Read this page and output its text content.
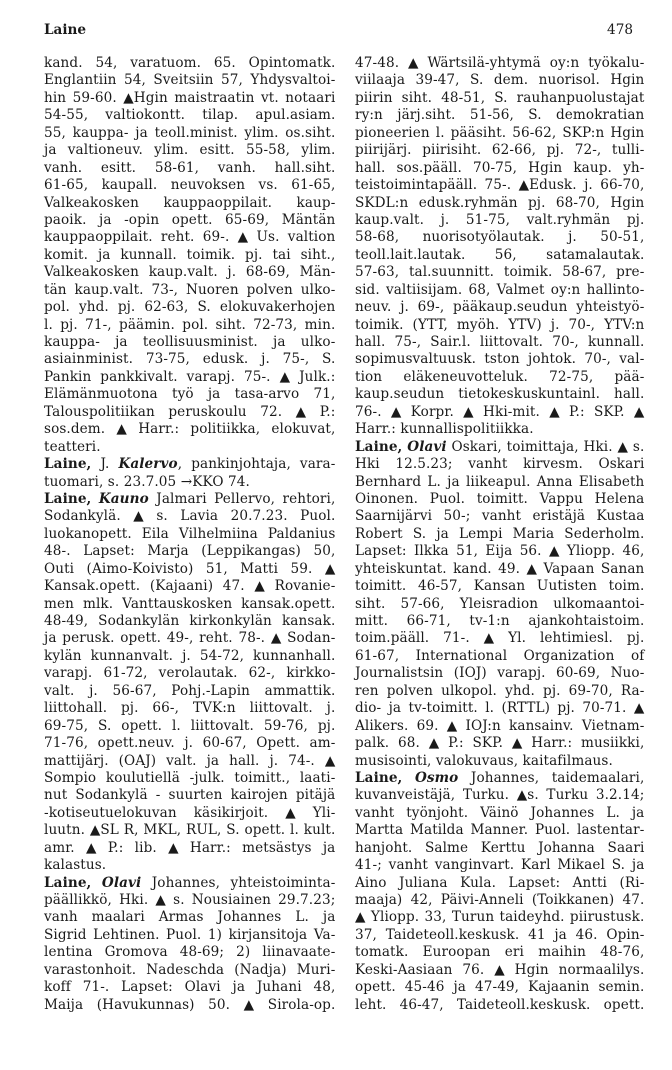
Laine	478
kand. 54, varatuom. 65. Opintomatk.
Englantiin 54, Sveitsiin 57, Yhdysvaltoi-
hin 59-60. ▲Hgin maistraatin vt. notaari
54-55, valtiokontt. tilap. apul.asiam.
55, kauppa- ja teoll.minist. ylim. os.siht.
ja valtioneuv. ylim. esitt. 55-58, ylim.
vanh. esitt. 58-61, vanh. hall.siht.
61-65, kaupall. neuvoksen vs. 61-65,
Valkeakosken kauppaoppilait. kaup-
paoik. ja -opin opett. 65-69, Mäntän
kauppaoppilait. reht. 69-. ▲ Us. valtion
komit. ja kunnall. toimik. pj. tai siht.,
Valkeakosken kaup.valt. j. 68-69, Män-
tän kaup.valt. 73-, Nuoren polven ulko-
pol. yhd. pj. 62-63, S. elokuvakerhojen
l. pj. 71-, päämin. pol. siht. 72-73, min.
kauppa- ja teollisuusminist. ja ulko-
asiainminist. 73-75, edusk. j. 75-, S.
Pankin pankkivalt. varapj. 75-. ▲ Julk.:
Elämänmuotona työ ja tasa-arvo 71,
Talouspolitiikan peruskoulu 72. ▲ P.:
sos.dem. ▲ Harr.: politiikka, elokuvat,
teatteri.
Laine, J. Kalervo, pankinjohtaja, vara-
tuomari, s. 23.7.05 →KKO 74.
Laine, Kauno Jalmari Pellervo, rehtori,
Sodankylä. ▲ s. Lavia 20.7.23. Puol.
luokanopett. Eila Vilhelmiina Paldanius
48-. Lapset: Marja (Leppikangas) 50,
Outi (Aimo-Koivisto) 51, Matti 59. ▲
Kansak.opett. (Kajaani) 47. ▲ Rovanie-
men mlk. Vanttauskosken kansak.opett.
48-49, Sodankylän kirkonkylän kansak.
ja perusk. opett. 49-, reht. 78-. ▲ Sodan-
kylän kunnanvalt. j. 54-72, kunnanhall.
varapj. 61-72, verolautak. 62-, kirkko-
valt. j. 56-67, Pohj.-Lapin ammattik.
liittohall. pj. 66-, TVK:n liittovalt. j.
69-75, S. opett. l. liittovalt. 59-76, pj.
71-76, opett.neuv. j. 60-67, Opett. am-
mattijärj. (OAJ) valt. ja hall. j. 74-. ▲
Sompio koulutiellä -julk. toimitt., laati-
nut Sodankylä - suurten kairojen pitäjä
-kotiseutuelokuvan käsikirjoit. ▲ Yli-
luutn. ▲SL R, MKL, RUL, S. opett. l. kult.
amr. ▲ P.: lib. ▲ Harr.: metsästys ja
kalastus.
Laine, Olavi Johannes, yhteistoiminta-
päällikkö, Hki. ▲ s. Nousiainen 29.7.23;
vanh maalari Armas Johannes L. ja
Sigrid Lehtinen. Puol. 1) kirjansitoja Va-
lentina Gromova 48-69; 2) liinavaate-
varastonhoit. Nadeschda (Nadja) Muri-
koff 71-. Lapset: Olavi ja Juhani 48,
Maija (Havukunnas) 50. ▲ Sirola-op.
47-48. ▲ Wärtsilä-yhtymä oy:n työkalu-
viilaaja 39-47, S. dem. nuorisol. Hgin
piirin siht. 48-51, S. rauhanpuolustajat
ry:n järj.siht. 51-56, S. demokratian
pioneerien l. pääsiht. 56-62, SKP:n Hgin
piirijärj. piirisiht. 62-66, pj. 72-, tulli-
hall. sos.pääll. 70-75, Hgin kaup. yh-
teistoimintapääll. 75-. ▲Edusk. j. 66-70,
SKDL:n edusk.ryhmän pj. 68-70, Hgin
kaup.valt. j. 51-75, valt.ryhmän pj.
58-68, nuorisotyölautak. j. 50-51,
teoll.lait.lautak. 56, satamalautak.
57-63, tal.suunnitt. toimik. 58-67, pre-
sid. valtiisijam. 68, Valmet oy:n hallinto-
neuv. j. 69-, pääkaup.seudun yhteistyö-
toimik. (YTT, myöh. YTV) j. 70-, YTV:n
hall. 75-, Sair.l. liittovalt. 70-, kunnall.
sopimusvaltuusk. tston johtok. 70-, val-
tion eläkeneuvotteluk. 72-75, pää-
kaup.seudun tietokeskuskuntainl. hall.
76-. ▲ Korpr. ▲ Hki-mit. ▲ P.: SKP. ▲
Harr.: kunnallispolitiikka.
Laine, Olavi Oskari, toimittaja, Hki. ▲ s.
Hki 12.5.23; vanht kirvesm. Oskari
Bernhard L. ja liikeapul. Anna Elisabeth
Oinonen. Puol. toimitt. Vappu Helena
Saarnijärvi 50-; vanht eristäjä Kustaa
Robert S. ja Lempi Maria Sederholm.
Lapset: Ilkka 51, Eija 56. ▲ Yliopp. 46,
yhteiskuntat. kand. 49. ▲ Vapaan Sanan
toimitt. 46-57, Kansan Uutisten toim.
siht. 57-66, Yleisradion ulkomaantoi-
mitt. 66-71, tv-1:n ajankohtaistoim.
toim.pääll. 71-. ▲ Yl. lehtimiesl. pj.
61-67, International Organization of
Journalistsin (IOJ) varapj. 60-69, Nuo-
ren polven ulkopol. yhd. pj. 69-70, Ra-
dio- ja tv-toimitt. l. (RTTL) pj. 70-71. ▲
Alikers. 69. ▲ IOJ:n kansainv. Vietnam-
palk. 68. ▲ P.: SKP. ▲ Harr.: musiikki,
musisointi, valokuvaus, kaitafilmaus.
Laine, Osmo Johannes, taidemaalari,
kuvanveistäjä, Turku. ▲s. Turku 3.2.14;
vanht työnjoht. Väinö Johannes L. ja
Martta Matilda Manner. Puol. lastentar-
hanjoht. Salme Kerttu Johanna Saari
41-; vanht vanginvart. Karl Mikael S. ja
Aino Juliana Kula. Lapset: Antti (Ri-
maaja) 42, Päivi-Anneli (Toikkanen) 47.
▲ Yliopp. 33, Turun taideyhd. piirustusk.
37, Taideteoll.keskusk. 41 ja 46. Opin-
tomatk. Euroopan eri maihin 48-76,
Keski-Aasiaan 76. ▲ Hgin normaalilys.
opett. 45-46 ja 47-49, Kajaanin semin.
leht. 46-47, Taideteoll.keskusk. opett.
